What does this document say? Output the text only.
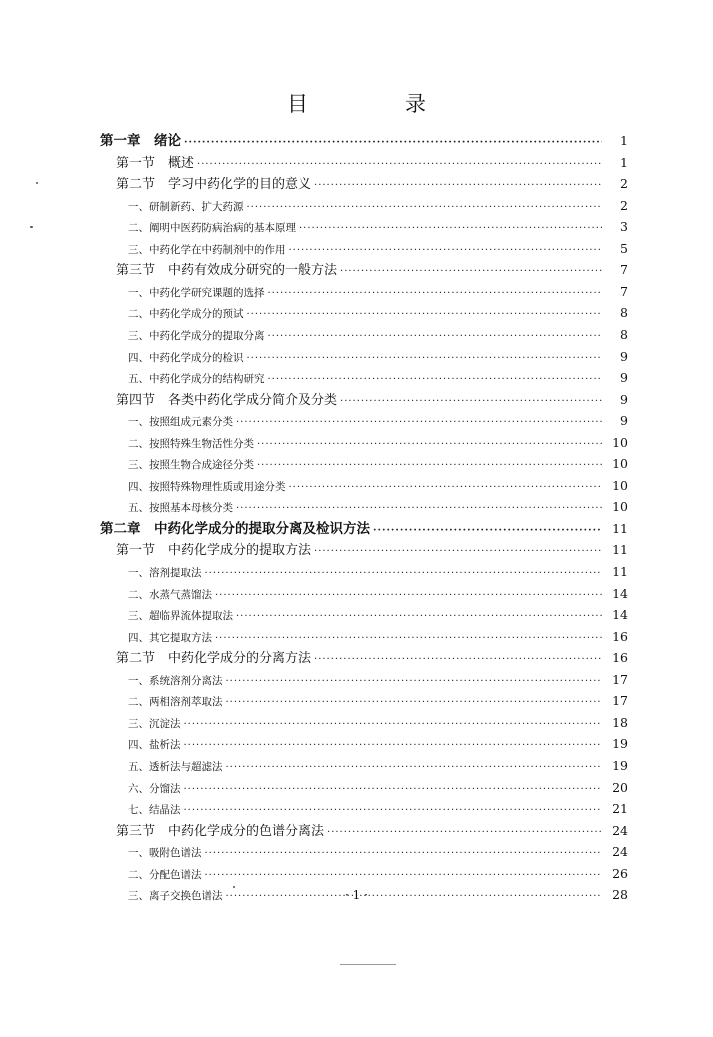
目　录
第一章　绪论 ·····	1
第一节　概述 ·····	1
第二节　学习中药化学的目的意义 ·····	2
一、研制新药、扩大药源 ·····	2
二、阐明中医药防病治病的基本原理 ·····	3
三、中药化学在中药制剂中的作用 ·····	5
第三节　中药有效成分研究的一般方法 ·····	7
一、中药化学研究课题的选择 ·····	7
二、中药化学成分的预试 ·····	8
三、中药化学成分的提取分离 ·····	8
四、中药化学成分的检识 ·····	9
五、中药化学成分的结构研究 ·····	9
第四节　各类中药化学成分简介及分类 ·····	9
一、按照组成元素分类 ·····	9
二、按照特殊生物活性分类 ·····	10
三、按照生物合成途径分类 ·····	10
四、按照特殊物理性质或用途分类 ·····	10
五、按照基本母核分类 ·····	10
第二章　中药化学成分的提取分离及检识方法 ·····	11
第一节　中药化学成分的提取方法 ·····	11
一、溶剂提取法 ·····	11
二、水蒸气蒸馏法 ·····	14
三、超临界流体提取法 ·····	14
四、其它提取方法 ·····	16
第二节　中药化学成分的分离方法 ·····	16
一、系统溶剂分离法 ·····	17
二、两相溶剂萃取法 ·····	17
三、沉淀法 ·····	18
四、盐析法 ·····	19
五、透析法与超滤法 ·····	19
六、分馏法 ·····	20
七、结晶法 ·····	21
第三节　中药化学成分的色谱分离法 ·····	24
一、吸附色谱法 ·····	24
二、分配色谱法 ·····	26
三、离子交换色谱法 ·····	28
· 1 ·
